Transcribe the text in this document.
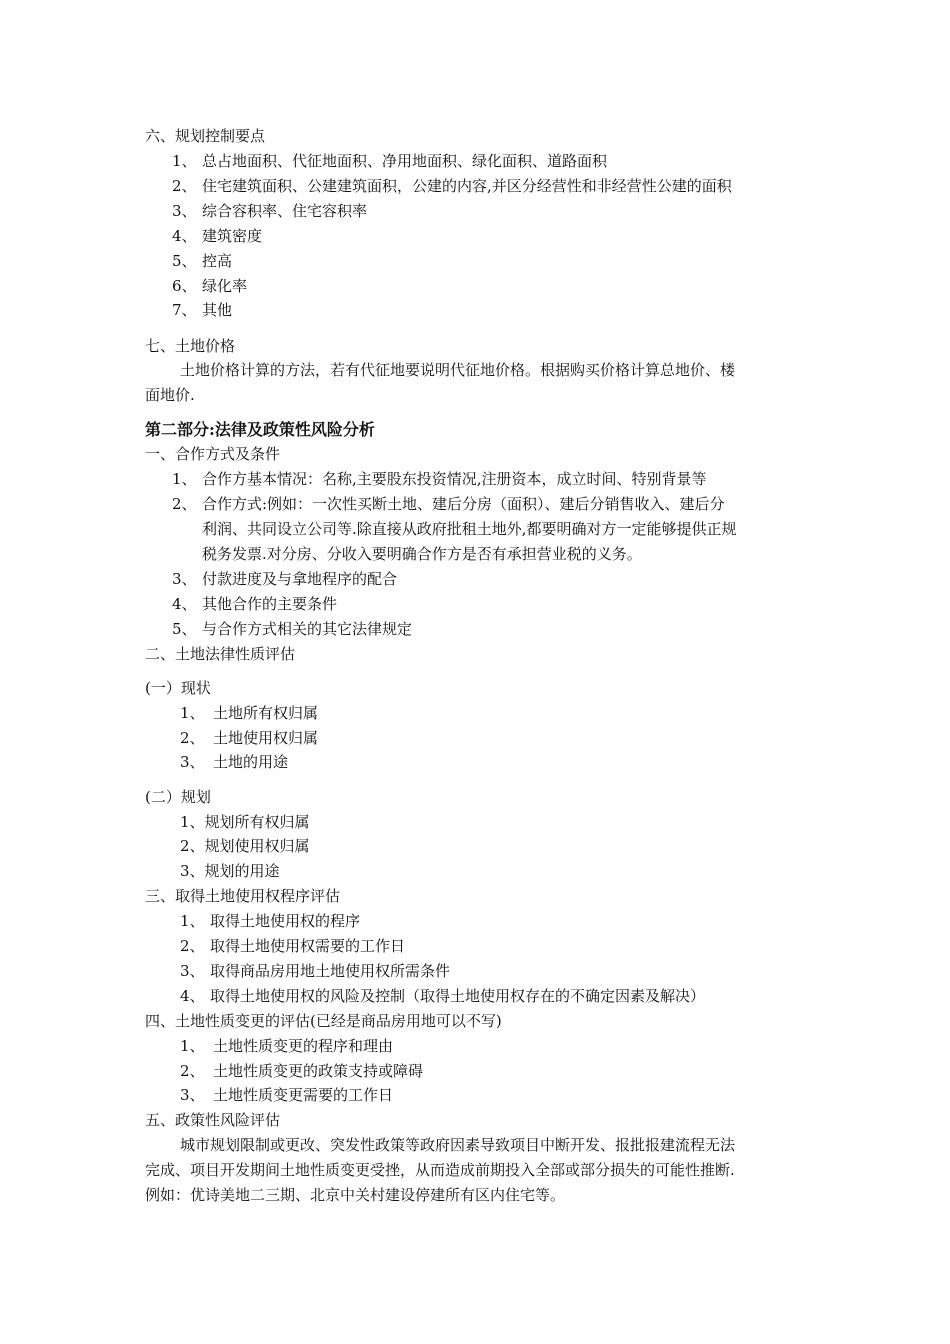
六、规划控制要点
1、 总占地面积、代征地面积、净用地面积、绿化面积、道路面积
2、 住宅建筑面积、公建建筑面积，公建的内容,并区分经营性和非经营性公建的面积
3、 综合容积率、住宅容积率
4、 建筑密度
5、 控高
6、 绿化率
7、 其他
七、土地价格
土地价格计算的方法，若有代征地要说明代征地价格。根据购买价格计算总地价、楼
面地价.
第二部分:法律及政策性风险分析
一、合作方式及条件
1、 合作方基本情况：名称,主要股东投资情况,注册资本，成立时间、特别背景等
2、 合作方式:例如：一次性买断土地、建后分房（面积）、建后分销售收入、建后分
利润、共同设立公司等.除直接从政府批租土地外,都要明确对方一定能够提供正规
税务发票.对分房、分收入要明确合作方是否有承担营业税的义务。
3、 付款进度及与拿地程序的配合
4、 其他合作的主要条件
5、 与合作方式相关的其它法律规定
二、土地法律性质评估
(一）现状
1、 土地所有权归属
2、 土地使用权归属
3、 土地的用途
(二）规划
1、规划所有权归属
2、规划使用权归属
3、规划的用途
三、取得土地使用权程序评估
1、 取得土地使用权的程序
2、 取得土地使用权需要的工作日
3、 取得商品房用地土地使用权所需条件
4、 取得土地使用权的风险及控制（取得土地使用权存在的不确定因素及解决）
四、土地性质变更的评估(已经是商品房用地可以不写)
1、 土地性质变更的程序和理由
2、 土地性质变更的政策支持或障碍
3、 土地性质变更需要的工作日
五、政策性风险评估
城市规划限制或更改、突发性政策等政府因素导致项目中断开发、报批报建流程无法
完成、项目开发期间土地性质变更受挫，从而造成前期投入全部或部分损失的可能性推断.
例如：优诗美地二三期、北京中关村建设停建所有区内住宅等。
